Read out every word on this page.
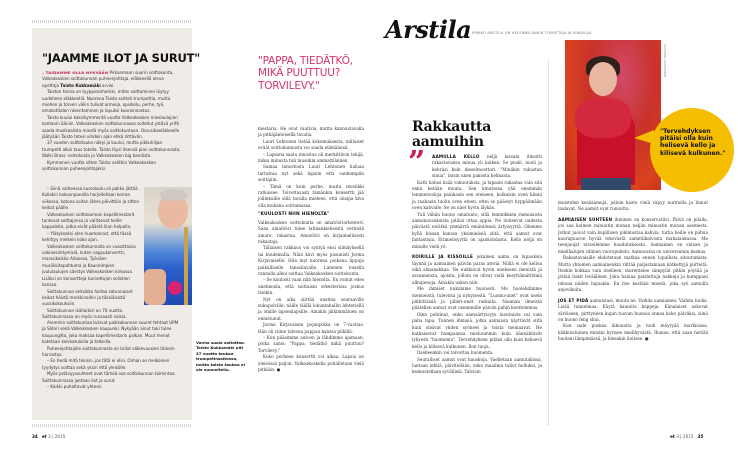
"JAAMME ILOT JA SURUT"

– TAIDAMME OLLA NYKYÄÄN Pirkanmaan suurin soittokunta, Valkeakosken soittokunnan puheenjohtaja, eläkkeellä oleva opettaja Taisto Kukkamäki arvioi.

Taiston tarina on tyyppiesimerkki, miten soittaminen löytyy uudelleen eläkkeellä. Nuorena Taisto soitteli trumpettia, mutta miehen ja torven väliin tulivat armeija, opiskelu, perhe, työ, omakotitalon rakentaminen ja lopuksi kuoroinnostus.

Taisto kuului kaksikymmentä vuotta Valkeakosken mieslaulajien kantavin ääniin. Valkeakosken soittokunnassa soitellut ystävä yritti saada musikaalista miestä myös soittokuntaan. Osa-aikaeläkkeelle jäätyään Taisto totesi vihdoin ajan ehkä riittävän.

37 vuoden soittotauko näkyi ja kuului, mutta pikkuhiljaa trumpetti alkoi taas totella. Taisto löysi itsensä pian soittokunnasta, Walki Brass -seitsikosta ja Valkeakosken big bandista.

Kymmenen vuotta sitten Taisto valittiin Valkeakosken soittokunnan puheenjohtajaksi.

– Siinä vaiheessa kuorolaulu oli pakko jättää. Kullakin kokoonpanolla harjoitellaan kerran viikossa, kotona soitan lähes päivittäin ja sitten keikat päälle.

Valkeakosken soittokunnan kapellimestarit tuntevat soittajansa ja valitsevat heille kappaleita, jotka eivät päästä liian helpolla.

– Ylätykseksi olen huomannut, että tässä kehittyy melkein koko ajan.

Valkeakosken soittokunnalla on vuosittaisia vakioesiintymisiä, kuten vappukonsertti, marssikeikka Aitoossa, Työväen musiikkitapahtuma ja Kauneimpien joululaulujen säestys Valkeakosken kirkossa. Lisäksi on konsertteja tunnettujen solistien kanssa.

Soittokunnan seitsikko hoitaa satunnaiset keikat häistä markkinoihin ja täksiäisistä vuosikokouksiin.

Soittokunnan ikähaitari on 70 vuotta. Soittokunnassa on myös runsaasti naisia.

Aiemmin soittokuntaa tukivat paikkakunnan suuret tehtaat UPM ja Säteri sekä Valkeakosken kaupunki. Nykyään ainut tuki tulee kaupungilta, joka maksaa kapellimestarin palkan. Muut menot katetaan keikkatuloilla ja talkoilla.

Puheenjohtajalle soittokunnasta on tullut eläkevuosien tärkein harrastus.

– En tiedä mitä tekisin, jos tätä ei olisi. Onhan se melkoinen tyydytys soittaa sekä yksin että yleisölle.

Myös ystävyyssuhteet ovat tärkeä osa soittokunnan toimintaa. Soittokunnassa jaetaan ilot ja surut.

– Kaikki puhaltavat yhteen.

Vanha suola soitattaa. Taisto Kukkamäki piti 37 vuotta taukoa trumpetinsoitossa, mutta taisto taukoa ei ole suunnitellu.
"PAPPA, TIEDÄTKÖ, MIKÄ PUUTTUU? TORVILEVY."

mestaria. He ovat vaativia, mutta kannustavalla ja pitkäjänteisellä tavalla.

Lauri Lehtonen tietää kokemuksesta, millaiset eväät soittokunnasta voi saada elämäänsä.

– Lapsena saatu innostus oli merkittävin tekijä, miksi minusta tuli musiikin ammattilainen.

Samaa innostusta Lauri Lehtonen haluaa tartuttaa nyt sekä lapsiin että vanhempiin soittajiin.

– Tämä on kuin perhe, mutta musiikki ratkaisee. Toivottavasti tämänkin konsertti jää joillekuille sillä tavalla mieleen, että olisipa kiva olla mukana soittamassa.

"KUULOSTI NIIN HIENOLTA"

Valkeakosken soittokunta on amatööriorkesteri. Sana amatööri tulee latinankielisestä verbistä amare, rakastaa. Amatööri on kirjaimellisesti rakastaja.

Tällaisen rakkaus voi syntyä ensi silmäyksellä tai kuulemalla. Näin kävi myös pasunisti Jorma Kirjavaiselle. Hän myi nuorena poikana lippuja paikalliselle tanssilavalle. Lammen toisella rannalla alkoi soittaa Valkeakosken soittokunta.

– Se kuulosti vaan niin hienolta. En voinut edes unelmoida, että soittaisin orkesterissa joskus itsekin.

Nyt on aika siirtää unelma seuraaville sukupolville: näille täällä lokuntahallin lehteriellä ja omille lapsenlapsille. Ainakin jälkimmäinen on onnistunut.

Jorma Kirjavaisen pojanpoika on 7-vuotias. Hän oli viime talvena pappan kanssa pilkillä.

– Kun pääsimme autoon ja lähdimme ajamaan, poika sanoi: "Pappa, tiedätkö mikä puuttuu? Torvilevy."

Koko perheen konsertti voi alkaa. Lapsia on yleisössä paljon. Valkeakoskella puhalletaan vielä pitkään. ●

34 et 3 | 2015
Arstila PIRKKO ARSTILA ON HELSINKILÄINEN TOIMITTAJA JA KIRJAILIJA.
Rakkautta
aamuihin
”	AAMULLA KELLO neljä kissani ilmoitti rakastavansa minua yli kaiken. Se puski, nuoli ja kehräsi kuin dieselmoottori. "Minäkin rakastan sinua", inisin unen pakosta helmasta.

Katti halusi lisää vakuutuksia, ja lupasin rakastaa vain sitä enkä ketään muuta. Sen kinutessa yhä enemmän lemmenvaloja painkasin sen eteiseen, koikaisin oven kiinni ja raahasin tuolin oven eteen, ettei se päässyt hyppäämään oven kahvalle. Se on näet hyvin älykäs.

Tuli vähän huono omatunto, sillä lemmikkien riemuisista aamunavauksista pitäisi ottaa oppia. Ne iloitsevat uudesta päivästä eivätkä ymmärrä emäntiensä ärtyisyyttä. Olemme kyllä kissan kanssa yksimielisiä siitä, että aamut ovat fantastisia. Erimielisyyttä on ajankohdasta. Kello neljä on minulle vielä yö.

KOIRILLE JA KISSOILLE jokainen aamu on lupauksia täynnä ja aamiainen päivän paras ateria. Niillä ei ole kelloa eikä almanakkaa. Ne nukkuvat hyvin unekseen menistä ja savanneista, ajoista, jolloin ne olivat vielä kesyttämättömiä alkupenoja. Ainakin uskon niin.

Me ihmiset nukumme huonosti. Me huolehdimme menneistä, tulevista ja nykyisestä. "Luomu-unet" ovat usein pätkittäisiä ja pilleri-unet raskaita. Naaman ilmeistä päätellen aamut ovat useimmille päivän pahin koettelemus.

Olen pohtinut, onko aamuärtyisyys luontaista vai vain paha tapa. Tunnen ihmisiä, jotka aamuisin näyttävät siltä kuin olisivat yhden syöneet ja toista meinaavat. He katkaisevat hampaansa mieluummin kuin äännähtävät lyhyesti "huomenta". Tervehdyksen pitäisi olla kuin helisevä kello ja kilisevä kulkunen. Ilon tuoja.

Itselleenkin voi toivottaa huomenta.

Seuralliset aamut ovat hauskoja. Vaelletaan aamutakissa, luetaan lehtiä, päivitellään, onko maailma tullut hulluksi, ja keskustellaan syvällisiä. Talvisin

SUSANNA KEKKONEN
"Tervehdyksen pitäisi olla kuin helisevä kello ja kilisevä kulkunen."

muistelen kesäaamuja, jolloin kaste vielä väpyy nurmella ja linnut laulavat. Ne aamut ovat runoutta.

AAMIAISEN SUHTEEN ihminen on konservatiivi. Päivä on pilalla, jos saa kolmen minuutin munan neljän minuutin munan asemesta. Jotkut juovat vain kupillisen pikimustaa kahvia, turha heille on puhua kaurapuuron hyvää tekevästä sametiikalvosta mahalaukussa. Me teenjuojat nirsoilemme haudutuksesta. Aamiainen on vatsan ja mielihalujen välinen vuoropuhelu. Aamuvatsa on universumin keskus.

Rakastavaisille ehdotetaan matkaa ennen lopullista sitoutumista. Mutta yhteinen aamiainenkin riittää paljastamaan kätkettyjä piirteitä. Itsekin kokkaa vain itselleen, murentelee sämpylät pitkin pöytää ja jättää tiskit leväälleen. Joku haluaa paistettuja nakkeja ja kumppani inhoaa niiden hajuakin. En itse kestäisi miestä, joka syö aamulla anjovikoita.

JOS ET PIDÄ aamuistasi, muuta ne. Vaihda aamiainen. Vaihda tuolia. Lisää tunnelmaa. Käytä kauniita kuppeja. Kiinalaiset uskovat säröiseen, pirttyneen kupin tuovan huonoa onnea koko päiväksi, siinä on huono feng shui.

Kun sade piiskaa ikkunoita ja tuuli möyryää markisissa, kiikkuistuinen minäni hyrisee mielihyvästä. Ihanaa, että saan herätä huolani lämpimässä, ja kiesakin iloitsee. ●

et 3 | 2015 35
